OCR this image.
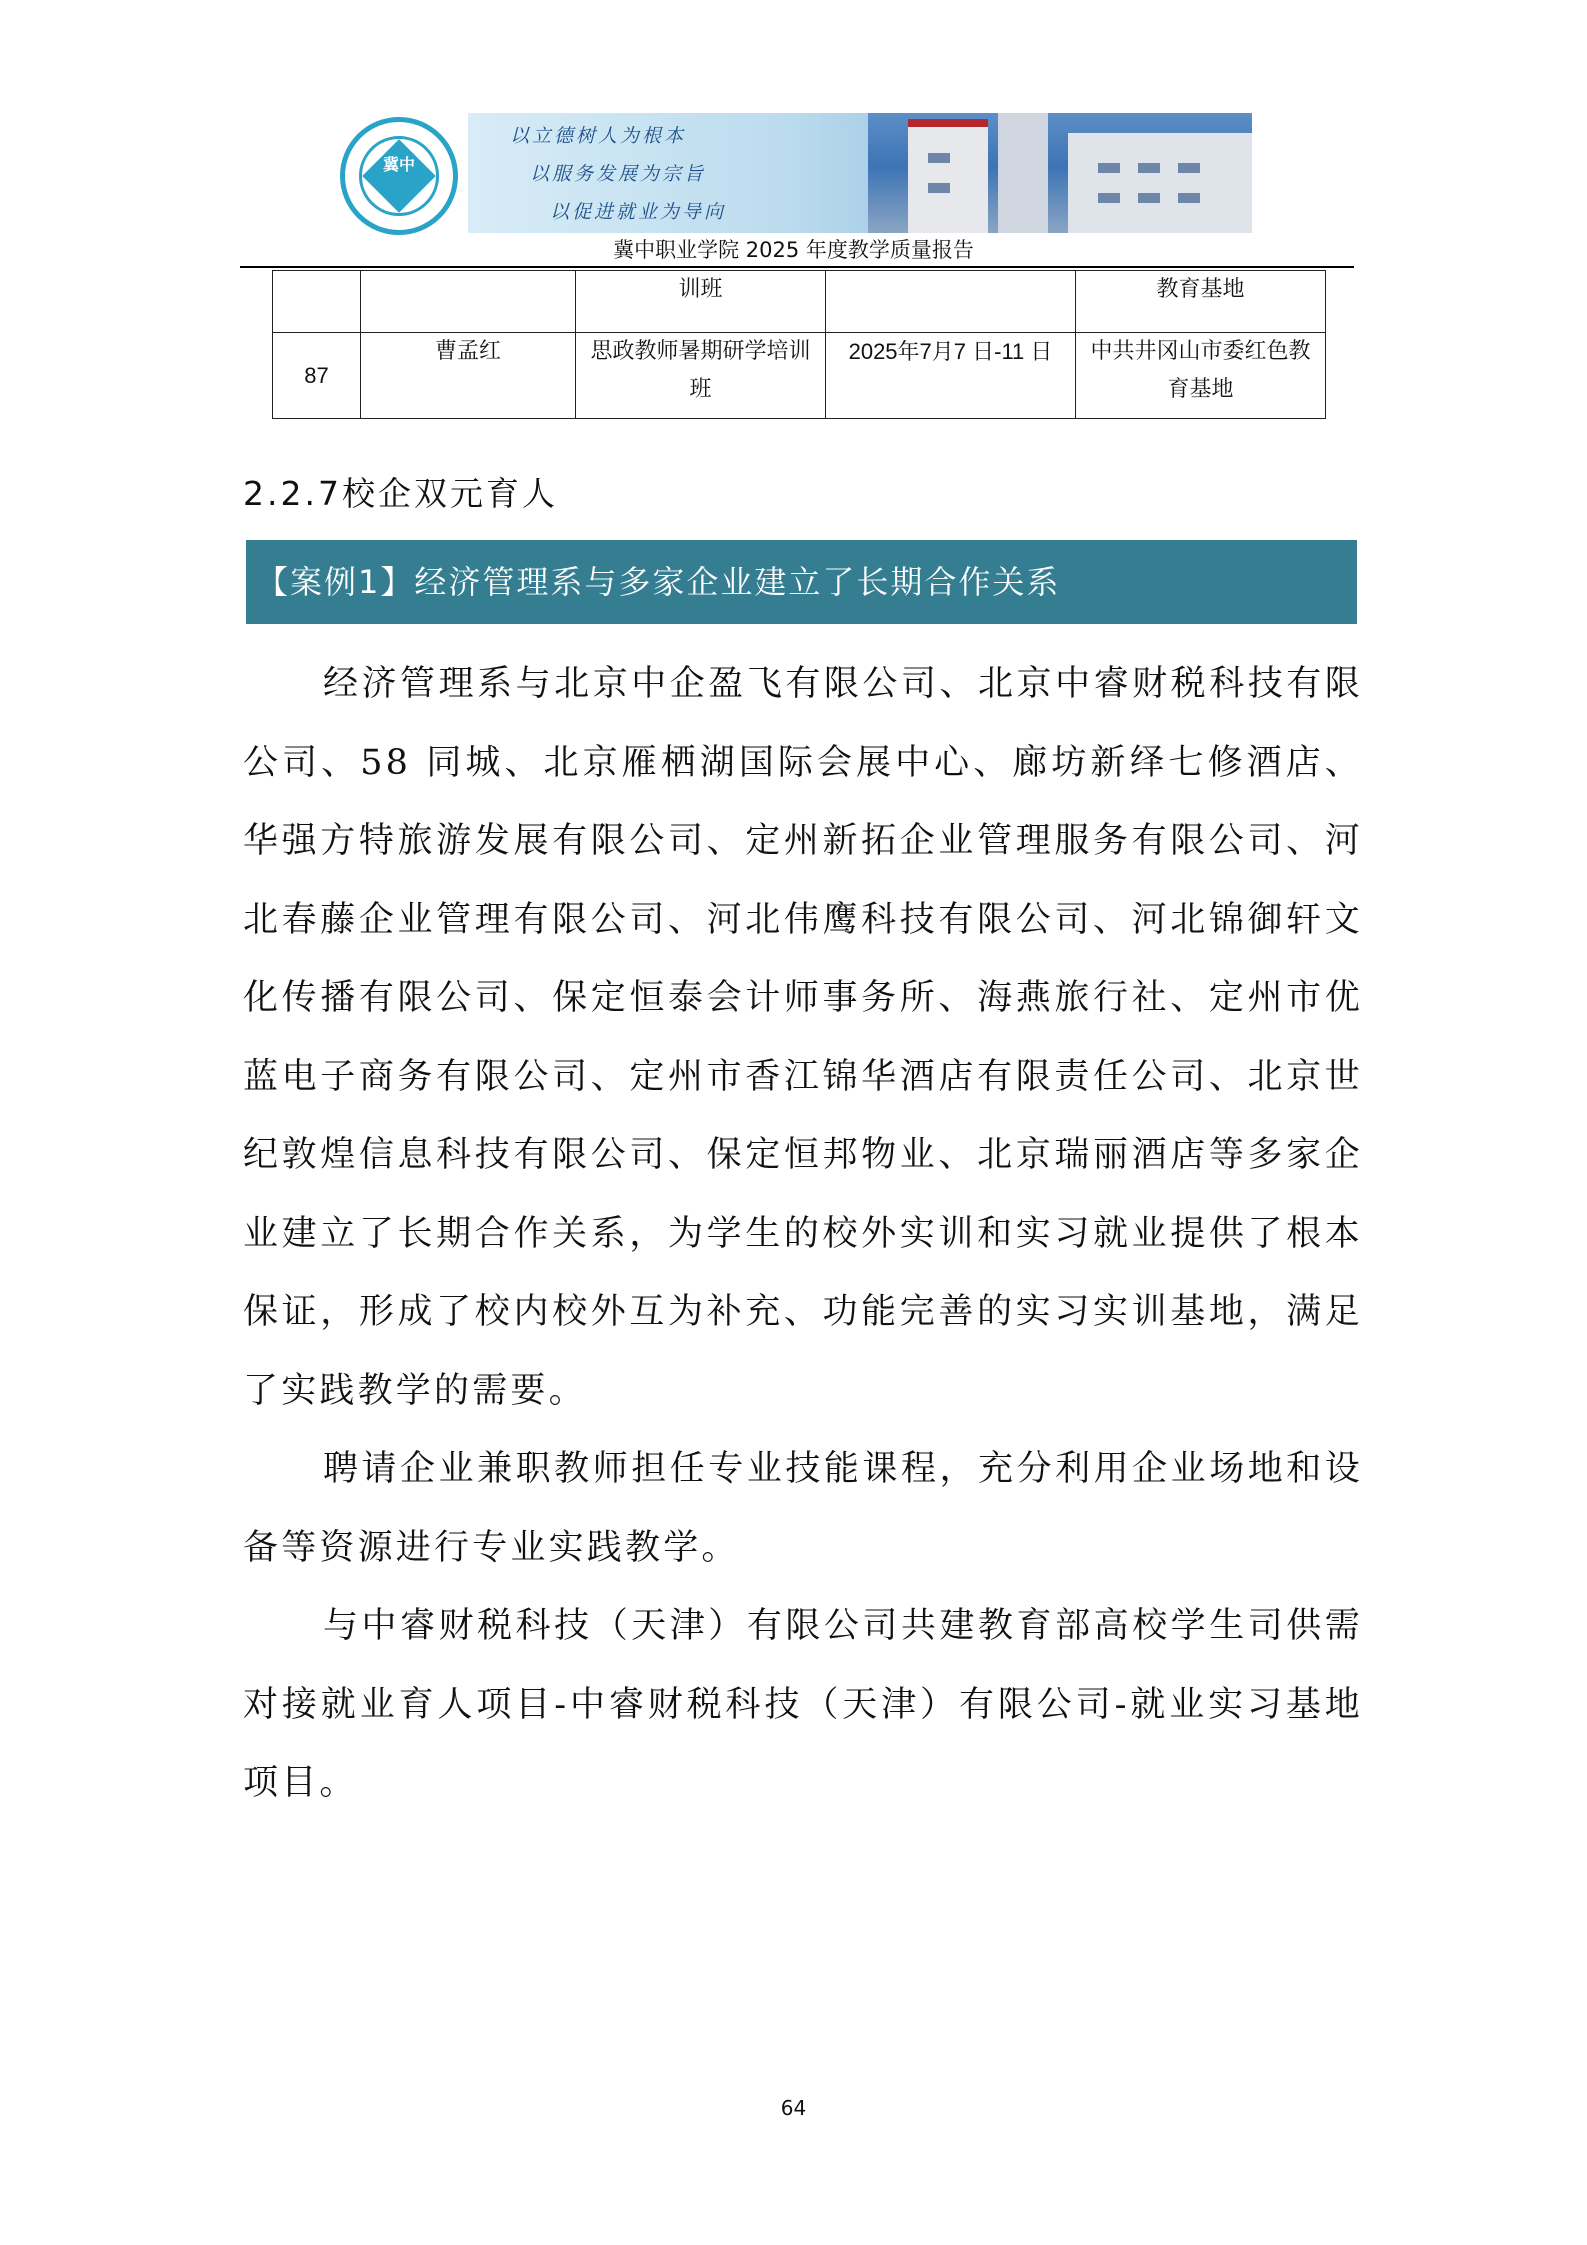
冀中
以立德树人为根本
以服务发展为宗旨
以促进就业为导向
冀中职业学院 2025 年度教学质量报告
		训班		教育基地
87	曹孟红	思政教师暑期研学培训班	2025年7月7 日-11 日	中共井冈山市委红色教育基地
2.2.7校企双元育人
【案例1】经济管理系与多家企业建立了长期合作关系

经济管理系与北京中企盈飞有限公司、北京中睿财税科技有限公司、58 同城、北京雁栖湖国际会展中心、廊坊新绎七修酒店、华强方特旅游发展有限公司、定州新拓企业管理服务有限公司、河北春藤企业管理有限公司、河北伟鹰科技有限公司、河北锦御轩文化传播有限公司、保定恒泰会计师事务所、海燕旅行社、定州市优蓝电子商务有限公司、定州市香江锦华酒店有限责任公司、北京世纪敦煌信息科技有限公司、保定恒邦物业、北京瑞丽酒店等多家企业建立了长期合作关系，为学生的校外实训和实习就业提供了根本保证，形成了校内校外互为补充、功能完善的实习实训基地，满足了实践教学的需要。

聘请企业兼职教师担任专业技能课程，充分利用企业场地和设备等资源进行专业实践教学。

与中睿财税科技（天津）有限公司共建教育部高校学生司供需对接就业育人项目-中睿财税科技（天津）有限公司-就业实习基地项目。

64
